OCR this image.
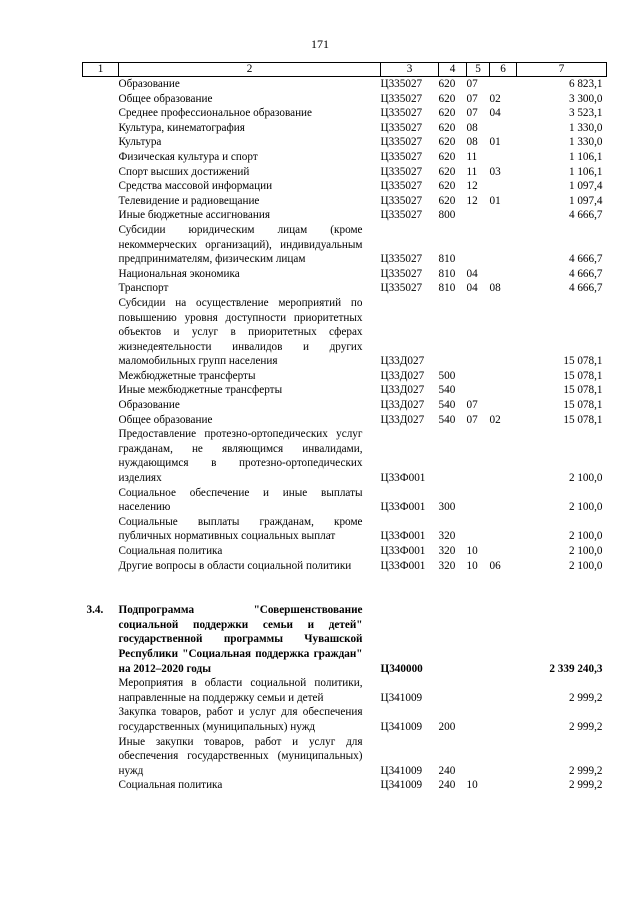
171
1	2	3	4	5	6	7
	Образование	Ц335027	620	07		6 823,1
	Общее образование	Ц335027	620	07	02	3 300,0
	Среднее профессиональное образование	Ц335027	620	07	04	3 523,1
	Культура, кинематография	Ц335027	620	08		1 330,0
	Культура	Ц335027	620	08	01	1 330,0
	Физическая культура и спорт	Ц335027	620	11		1 106,1
	Спорт высших достижений	Ц335027	620	11	03	1 106,1
	Средства массовой информации	Ц335027	620	12		1 097,4
	Телевидение и радиовещание	Ц335027	620	12	01	1 097,4
	Иные бюджетные ассигнования	Ц335027	800			4 666,7
	Субсидии юридическим лицам (кроме некоммерческих организаций), индивидуальным предпринимателям, физическим лицам	Ц335027	810			4 666,7
	Национальная экономика	Ц335027	810	04		4 666,7
	Транспорт	Ц335027	810	04	08	4 666,7
	Субсидии на осуществление мероприятий по повышению уровня доступности приоритетных объектов и услуг в приоритетных сферах жизнедеятельности инвалидов и других маломобильных групп населения	Ц33Д027				15 078,1
	Межбюджетные трансферты	Ц33Д027	500			15 078,1
	Иные межбюджетные трансферты	Ц33Д027	540			15 078,1
	Образование	Ц33Д027	540	07		15 078,1
	Общее образование	Ц33Д027	540	07	02	15 078,1
	Предоставление протезно-ортопедических услуг гражданам, не являющимся инвалидами, нуждающимся в протезно-ортопедических изделиях	Ц33Ф001				2 100,0
	Социальное обеспечение и иные выплаты населению	Ц33Ф001	300			2 100,0
	Социальные выплаты гражданам, кроме публичных нормативных социальных выплат	Ц33Ф001	320			2 100,0
	Социальная политика	Ц33Ф001	320	10		2 100,0
	Другие вопросы в области социальной политики	Ц33Ф001	320	10	06	2 100,0

3.4.	Подпрограмма "Совершенствование социальной поддержки семьи и детей" государственной программы Чувашской Республики "Социальная поддержка граждан" на 2012–2020 годы	Ц340000				2 339 240,3
	Мероприятия в области социальной политики, направленные на поддержку семьи и детей	Ц341009				2 999,2
	Закупка товаров, работ и услуг для обеспечения государственных (муниципальных) нужд	Ц341009	200			2 999,2
	Иные закупки товаров, работ и услуг для обеспечения государственных (муниципальных) нужд	Ц341009	240			2 999,2
	Социальная политика	Ц341009	240	10		2 999,2
